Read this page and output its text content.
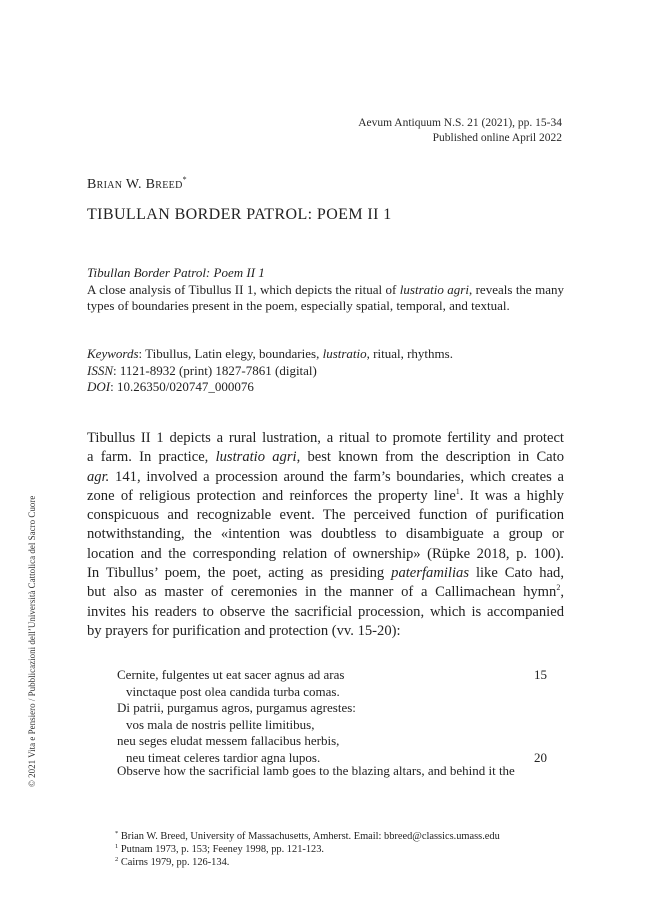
Aevum Antiquum N.S. 21 (2021), pp. 15-34
Published online April 2022
Brian W. Breed*
TIBULLAN BORDER PATROL: POEM II 1
Tibullan Border Patrol: Poem II 1
A close analysis of Tibullus II 1, which depicts the ritual of lustratio agri, reveals the many types of boundaries present in the poem, especially spatial, temporal, and textual.
Keywords: Tibullus, Latin elegy, boundaries, lustratio, ritual, rhythms.
ISSN: 1121-8932 (print) 1827-7861 (digital)
DOI: 10.26350/020747_000076
Tibullus II 1 depicts a rural lustration, a ritual to promote fertility and protect
a farm. In practice, lustratio agri, best known from the description in Cato
agr. 141, involved a procession around the farm’s boundaries, which creates a
zone of religious protection and reinforces the property line$^1$. It was a highly
conspicuous and recognizable event. The perceived function of purification
notwithstanding, the «intention was doubtless to disambiguate a group or
location and the corresponding relation of ownership» (Rüpke 2018, p. 100).
In Tibullus’ poem, the poet, acting as presiding paterfamilias like Cato had,
but also as master of ceremonies in the manner of a Callimachean hymn$^2$,
invites his readers to observe the sacrificial procession, which is accompanied
by prayers for purification and protection (vv. 15-20):
Cernite, fulgentes ut eat sacer agnus ad aras	15
vinctaque post olea candida turba comas.
Di patrii, purgamus agros, purgamus agrestes:
vos mala de nostris pellite limitibus,
neu seges eludat messem fallacibus herbis,
neu timeat celeres tardior agna lupos.	20
Observe how the sacrificial lamb goes to the blazing altars, and behind it the
* Brian W. Breed, University of Massachusetts, Amherst. Email: bbreed@classics.umass.edu
$^1$ Putnam 1973, p. 153; Feeney 1998, pp. 121-123.
$^2$ Cairns 1979, pp. 126-134.
© 2021 Vita e Pensiero / Pubblicazioni dell’Università Cattolica del Sacro Cuore
